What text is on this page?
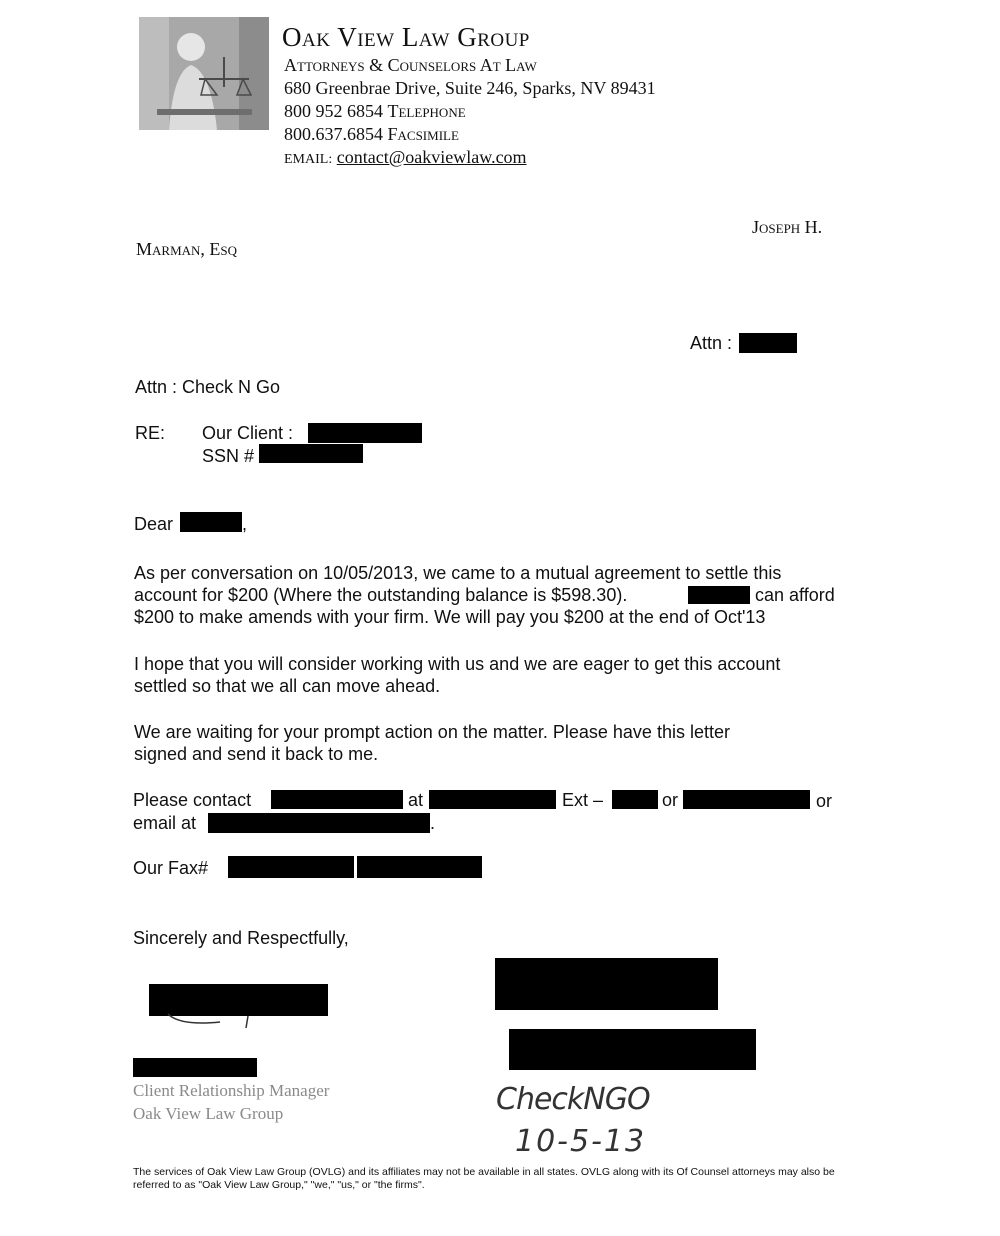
Oak View Law Group
Attorneys & Counselors At Law
680 Greenbrae Drive, Suite 246, Sparks, NV 89431
800 952 6854 Telephone
800.637.6854 Facsimile
EMAIL: contact@oakviewlaw.com
Joseph H.
Marman, Esq
Attn :
Attn : Check N Go
RE: Our Client :
SSN #
Dear	,
As per conversation on 10/05/2013, we came to a mutual agreement to settle this
account for $200 (Where the outstanding balance is $598.30).	can afford
$200 to make amends with your firm. We will pay you $200 at the end of Oct'13
I hope that you will consider working with us and we are eager to get this account
settled so that we all can move ahead.
We are waiting for your prompt action on the matter. Please have this letter
signed and send it back to me.
Please contact	at	Ext –	or	or
email at	.
Our Fax#
Sincerely and Respectfully,
Client Relationship Manager
Oak View Law Group	CheckNGO
10-5-13
The services of Oak View Law Group (OVLG) and its affiliates may not be available in all states. OVLG along with its Of Counsel attorneys may also be referred to as "Oak View Law Group," "we," "us," or "the firms".
